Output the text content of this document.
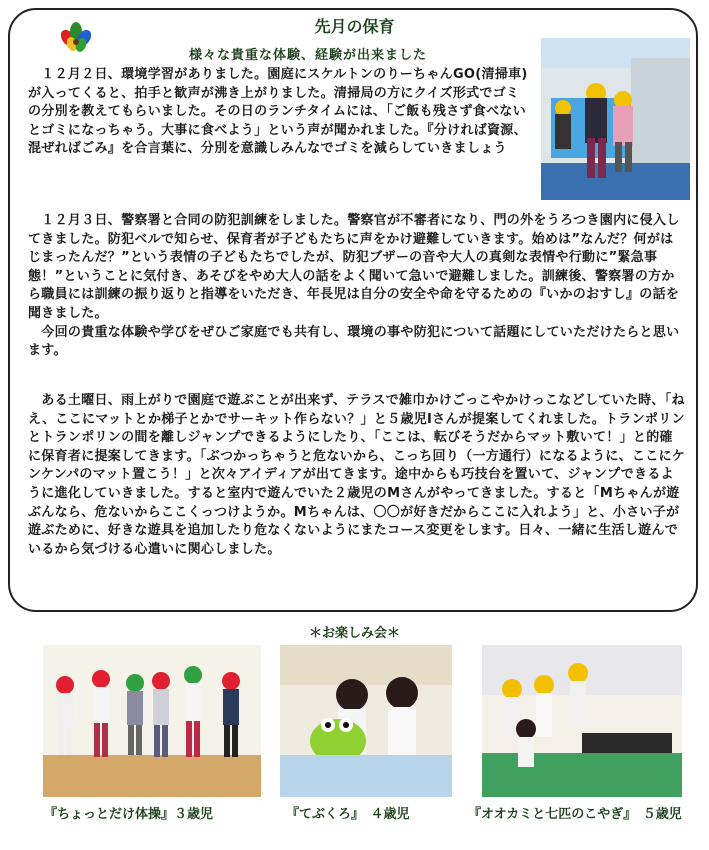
先月の保育
様々な貴重な体験、経験が出来ました

　１２月２日、環境学習がありました。園庭にスケルトンのりーちゃんGO(清掃車)が入ってくると、拍手と歓声が沸き上がりました。清掃局の方にクイズ形式でゴミの分別を教えてもらいました。その日のランチタイムには、「ご飯も残さず食べないとゴミになっちゃう。大事に食べよう」という声が聞かれました。『分ければ資源、混ぜればごみ』を合言葉に、分別を意識しみんなでゴミを減らしていきましょう

　１２月３日、警察署と合同の防犯訓練をしました。警察官が不審者になり、門の外をうろつき園内に侵入してきました。防犯ベルで知らせ、保育者が子どもたちに声をかけ避難していきます。始めは”なんだ？何がはじまったんだ？”という表情の子どもたちでしたが、防犯ブザーの音や大人の真剣な表情や行動に”緊急事態！”ということに気付き、あそびをやめ大人の話をよく聞いて急いで避難しました。訓練後、警察署の方から職員には訓練の振り返りと指導をいただき、年長児は自分の安全や命を守るための『いかのおすし』の話を聞きました。
　今回の貴重な体験や学びをぜひご家庭でも共有し、環境の事や防犯について話題にしていただけたらと思います。

　ある土曜日、雨上がりで園庭で遊ぶことが出来ず、テラスで雑巾かけごっこやかけっこなどしていた時、「ねえ、ここにマットとか梯子とかでサーキット作らない？」と５歳児Iさんが提案してくれました。トランポリンとトランポリンの間を離しジャンプできるようにしたり、「ここは、転びそうだからマット敷いて！」と的確に保育者に提案してきます。「ぶつかっちゃうと危ないから、こっち回り（一方通行）になるように、ここにケンケンパのマット置こう！」と次々アイディアが出てきます。途中からも巧技台を置いて、ジャンプできるように進化していきました。すると室内で遊んでいた２歳児のMさんがやってきました。すると「Mちゃんが遊ぶんなら、危ないからここくっつけようか。Mちゃんは、〇〇が好きだからここに入れよう」と、小さい子が遊ぶために、好きな遊具を追加したり危なくないようにまたコース変更をします。日々、一緒に生活し遊んでいるから気づける心遣いに関心しました。

＊お楽しみ会＊
『ちょっとだけ体操』３歳児	『てぶくろ』　４歳児	『オオカミと七匹のこやぎ』　５歳児
